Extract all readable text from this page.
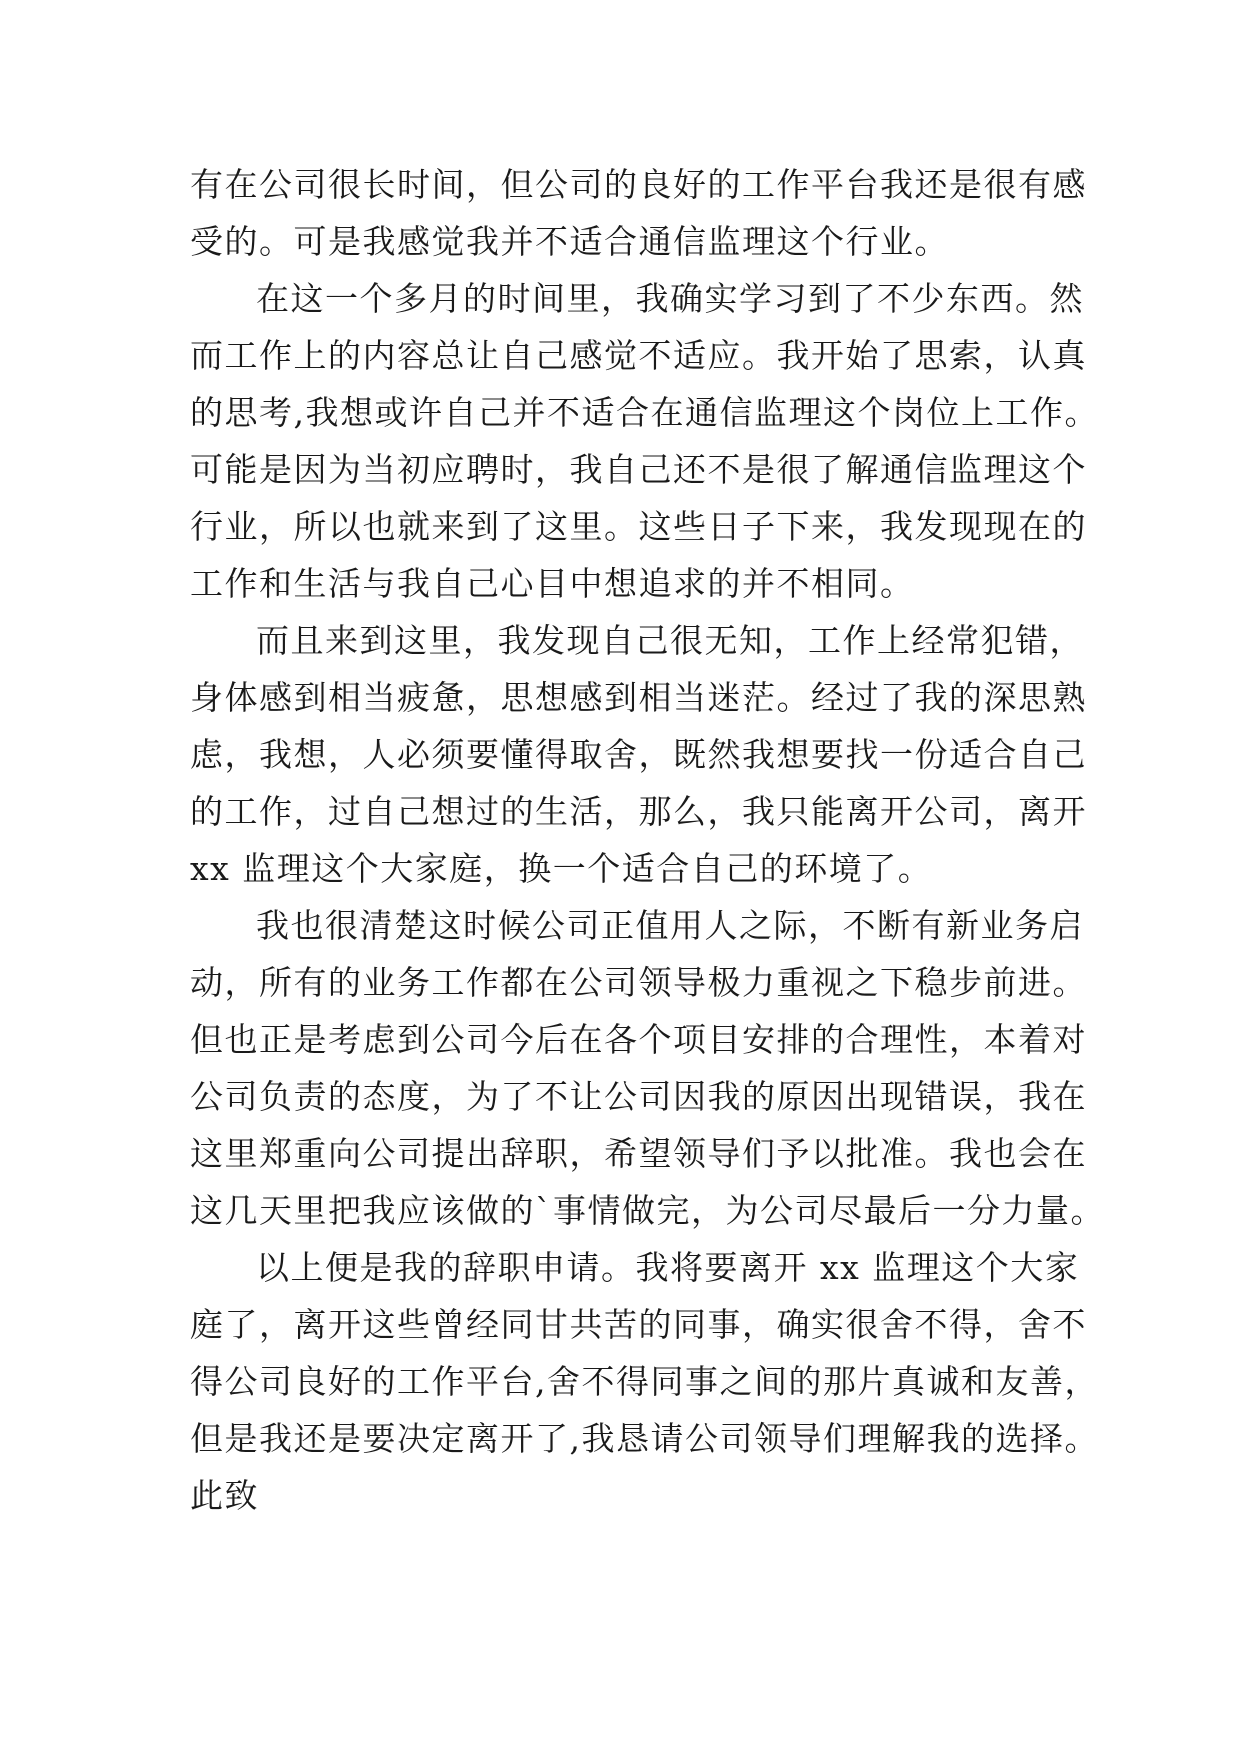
有在公司很长时间，但公司的良好的工作平台我还是很有感
受的。可是我感觉我并不适合通信监理这个行业。
在这一个多月的时间里，我确实学习到了不少东西。然
而工作上的内容总让自己感觉不适应。我开始了思索，认真
的思考,我想或许自己并不适合在通信监理这个岗位上工作。
可能是因为当初应聘时，我自己还不是很了解通信监理这个
行业，所以也就来到了这里。这些日子下来，我发现现在的
工作和生活与我自己心目中想追求的并不相同。
而且来到这里，我发现自己很无知，工作上经常犯错，
身体感到相当疲惫，思想感到相当迷茫。经过了我的深思熟
虑，我想，人必须要懂得取舍，既然我想要找一份适合自己
的工作，过自己想过的生活，那么，我只能离开公司，离开
xx 监理这个大家庭，换一个适合自己的环境了。
我也很清楚这时候公司正值用人之际，不断有新业务启
动，所有的业务工作都在公司领导极力重视之下稳步前进。
但也正是考虑到公司今后在各个项目安排的合理性，本着对
公司负责的态度，为了不让公司因我的原因出现错误，我在
这里郑重向公司提出辞职，希望领导们予以批准。我也会在
这几天里把我应该做的`事情做完，为公司尽最后一分力量。
以上便是我的辞职申请。我将要离开 xx 监理这个大家
庭了，离开这些曾经同甘共苦的同事，确实很舍不得，舍不
得公司良好的工作平台,舍不得同事之间的那片真诚和友善，
但是我还是要决定离开了,我恳请公司领导们理解我的选择。
此致
